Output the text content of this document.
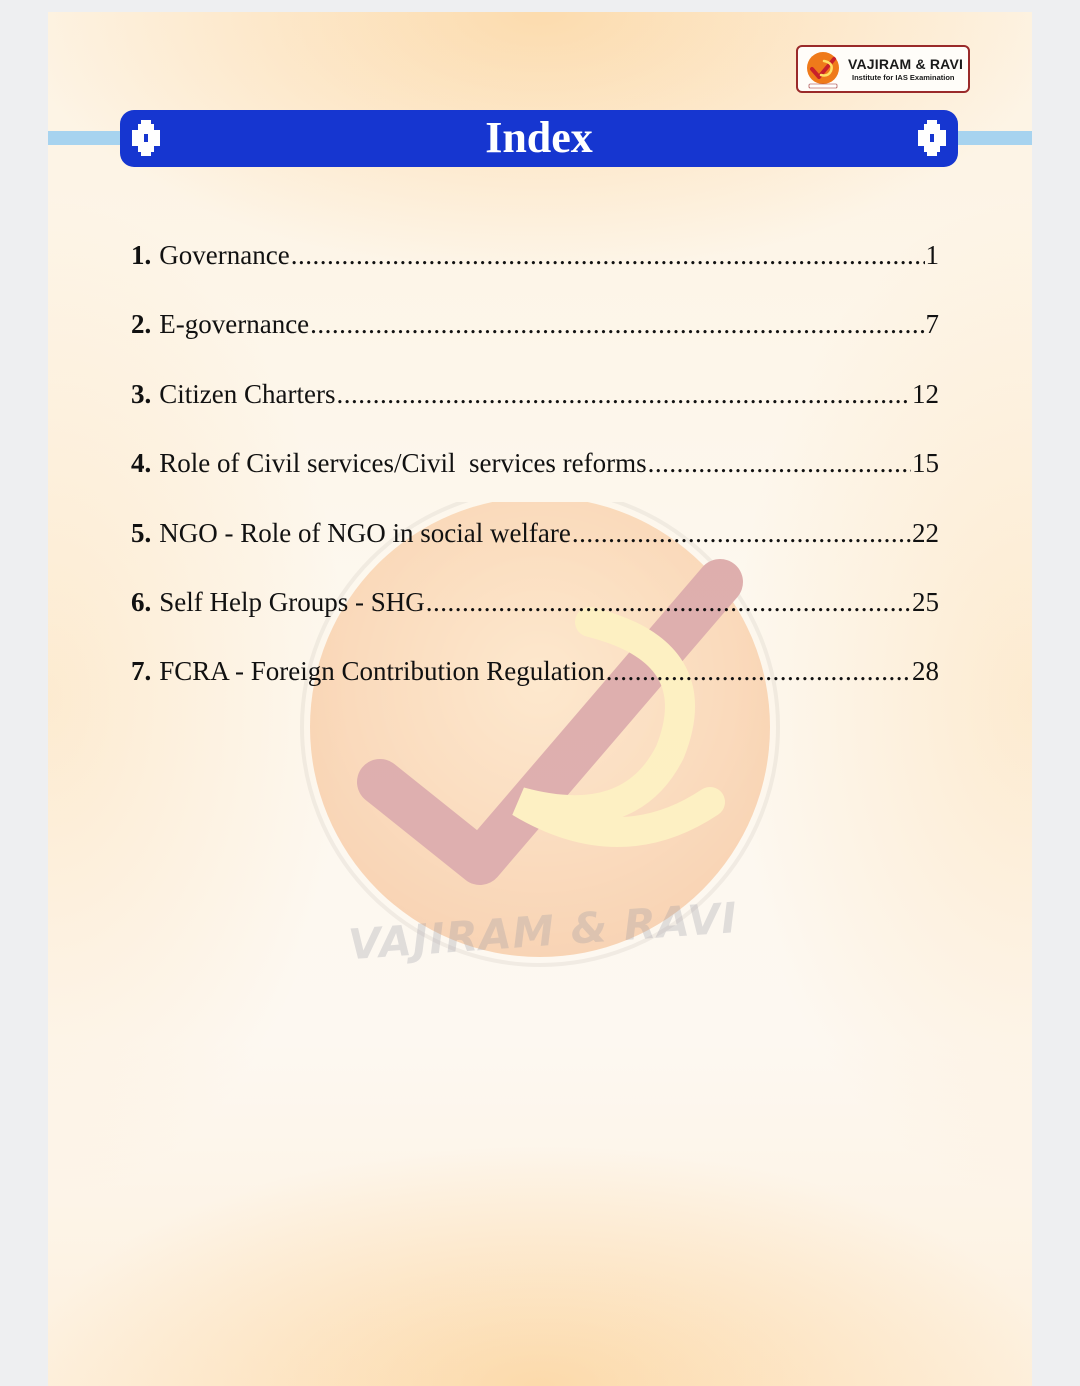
VAJIRAM & RAVI
VAJIRAM & RAVI
Institute for IAS Examination
Index
1. Governance .....	1
2. E-governance .....	7
3. Citizen Charters .....	12
4. Role of Civil services/Civil  services reforms .....	15
5. NGO - Role of NGO in social welfare .....	22
6. Self Help Groups - SHG .....	25
7. FCRA - Foreign Contribution Regulation .....	28
